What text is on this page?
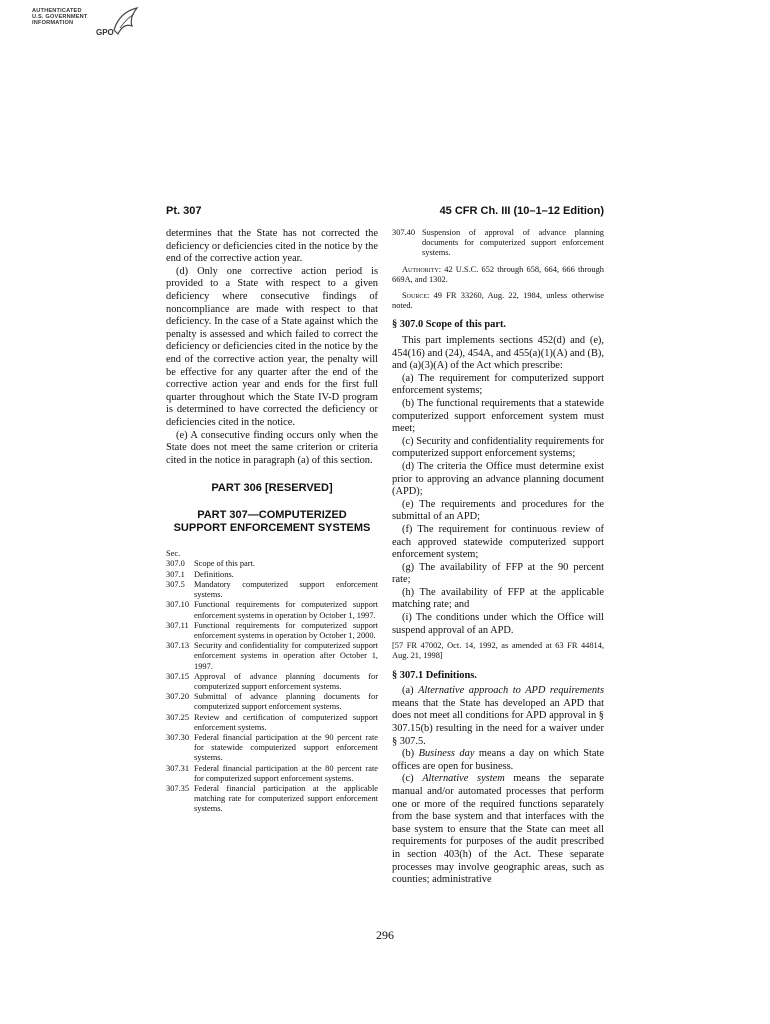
AUTHENTICATED
U.S. GOVERNMENT
INFORMATION
GPO
Pt. 307	45 CFR Ch. III (10–1–12 Edition)

determines that the State has not corrected the deficiency or deficiencies cited in the notice by the end of the corrective action year.

(d) Only one corrective action period is provided to a State with respect to a given deficiency where consecutive findings of noncompliance are made with respect to that deficiency. In the case of a State against which the penalty is assessed and which failed to correct the deficiency or deficiencies cited in the notice by the end of the corrective action year, the penalty will be effective for any quarter after the end of the corrective action year and ends for the first full quarter throughout which the State IV-D program is determined to have corrected the deficiency or deficiencies cited in the notice.

(e) A consecutive finding occurs only when the State does not meet the same criterion or criteria cited in the notice in paragraph (a) of this section.

PART 306 [RESERVED]

PART 307—COMPUTERIZED

SUPPORT ENFORCEMENT SYSTEMS

Sec.
307.0	Scope of this part.
307.1	Definitions.
307.5	Mandatory computerized support enforcement systems.
307.10 Functional requirements for computerized support enforcement systems in operation by October 1, 1997.
307.11 Functional requirements for computerized support enforcement systems in operation by October 1, 2000.
307.13 Security and confidentiality for computerized support enforcement systems in operation after October 1, 1997.
307.15 Approval of advance planning documents for computerized support enforcement systems.
307.20 Submittal of advance planning documents for computerized support enforcement systems.
307.25 Review and certification of computerized support enforcement systems.
307.30 Federal financial participation at the 90 percent rate for statewide computerized support enforcement systems.
307.31 Federal financial participation at the 80 percent rate for computerized support enforcement systems.
307.35 Federal financial participation at the applicable matching rate for computerized support enforcement systems.
307.40 Suspension of approval of advance planning documents for computerized support enforcement systems.

Authority: 42 U.S.C. 652 through 658, 664, 666 through 669A, and 1302.

Source: 49 FR 33260, Aug. 22, 1984, unless otherwise noted.

§ 307.0 Scope of this part.

This part implements sections 452(d) and (e), 454(16) and (24), 454A, and 455(a)(1)(A) and (B), and (a)(3)(A) of the Act which prescribe:

(a) The requirement for computerized support enforcement systems;

(b) The functional requirements that a statewide computerized support enforcement system must meet;

(c) Security and confidentiality requirements for computerized support enforcement systems;

(d) The criteria the Office must determine exist prior to approving an advance planning document (APD);

(e) The requirements and procedures for the submittal of an APD;

(f) The requirement for continuous review of each approved statewide computerized support enforcement system;

(g) The availability of FFP at the 90 percent rate;

(h) The availability of FFP at the applicable matching rate; and

(i) The conditions under which the Office will suspend approval of an APD.

[57 FR 47002, Oct. 14, 1992, as amended at 63 FR 44814, Aug. 21, 1998]

§ 307.1 Definitions.

(a) Alternative approach to APD requirements means that the State has developed an APD that does not meet all conditions for APD approval in § 307.15(b) resulting in the need for a waiver under § 307.5.

(b) Business day means a day on which State offices are open for business.

(c) Alternative system means the separate manual and/or automated processes that perform one or more of the required functions separately from the base system and that interfaces with the base system to ensure that the State can meet all requirements for purposes of the audit prescribed in section 403(h) of the Act. These separate processes may involve geographic areas, such as counties; administrative

296
